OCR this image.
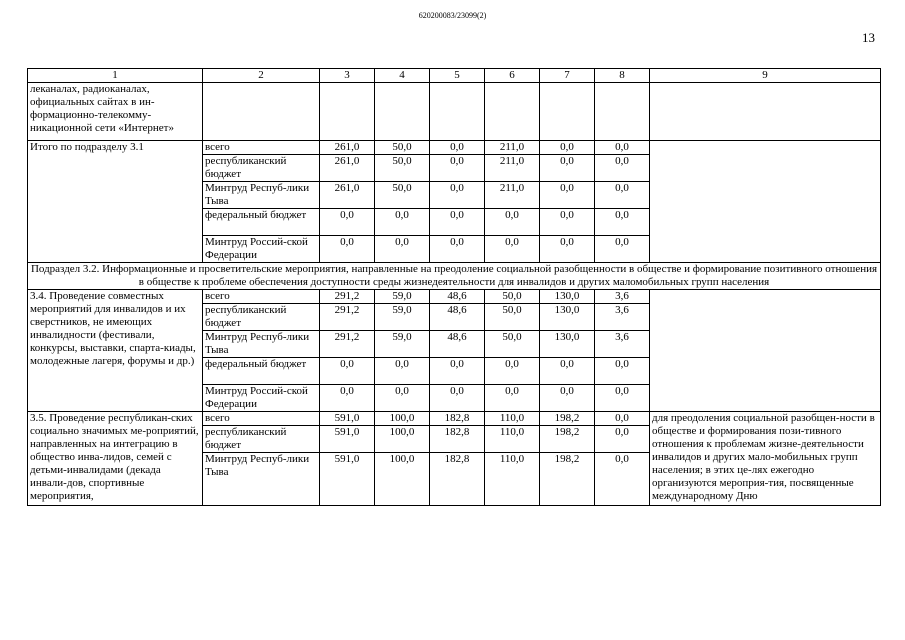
620200083/23099(2)
13
1	2	3	4	5	6	7	8	9
леканалах, радиоканалах, официальных сайтах в ин-формационно-телекомму-никационной сети «Интернет»								
Итого по подразделу 3.1	всего	261,0	50,0	0,0	211,0	0,0	0,0	
	республиканский бюджет	261,0	50,0	0,0	211,0	0,0	0,0	
	Минтруд Респуб-лики Тыва	261,0	50,0	0,0	211,0	0,0	0,0	
	федеральный бюджет	0,0	0,0	0,0	0,0	0,0	0,0	
	Минтруд Россий-ской Федерации	0,0	0,0	0,0	0,0	0,0	0,0	
Подраздел 3.2. Информационные и просветительские мероприятия, направленные на преодоление социальной разобщенности в обществе и формирование позитивного отношения в обществе к проблеме обеспечения доступности среды жизнедеятельности для инвалидов и других маломобильных групп населения								
3.4. Проведение совместных мероприятий для инвалидов и их сверстников, не имеющих инвалидности (фестивали, конкурсы, выставки, спарта-киады, молодежные лагеря, форумы и др.)	всего	291,2	59,0	48,6	50,0	130,0	3,6	
	республиканский бюджет	291,2	59,0	48,6	50,0	130,0	3,6	
	Минтруд Респуб-лики Тыва	291,2	59,0	48,6	50,0	130,0	3,6	
	федеральный бюджет	0,0	0,0	0,0	0,0	0,0	0,0	
	Минтруд Россий-ской Федерации	0,0	0,0	0,0	0,0	0,0	0,0	
3.5. Проведение республикан-ских социально значимых ме-роприятий, направленных на интеграцию в общество инва-лидов, семей с детьми-инвалидами (декада инвали-дов, спортивные мероприятия,	всего	591,0	100,0	182,8	110,0	198,2	0,0	для преодоления социальной разобщен-ности в обществе и формирования пози-тивного отношения к проблемам жизне-деятельности инвалидов и других мало-мобильных групп населения; в этих це-лях ежегодно организуются мероприя-тия, посвященные международному Дню
	республиканский бюджет	591,0	100,0	182,8	110,0	198,2	0,0	
	Минтруд Респуб-лики Тыва	591,0	100,0	182,8	110,0	198,2	0,0	
